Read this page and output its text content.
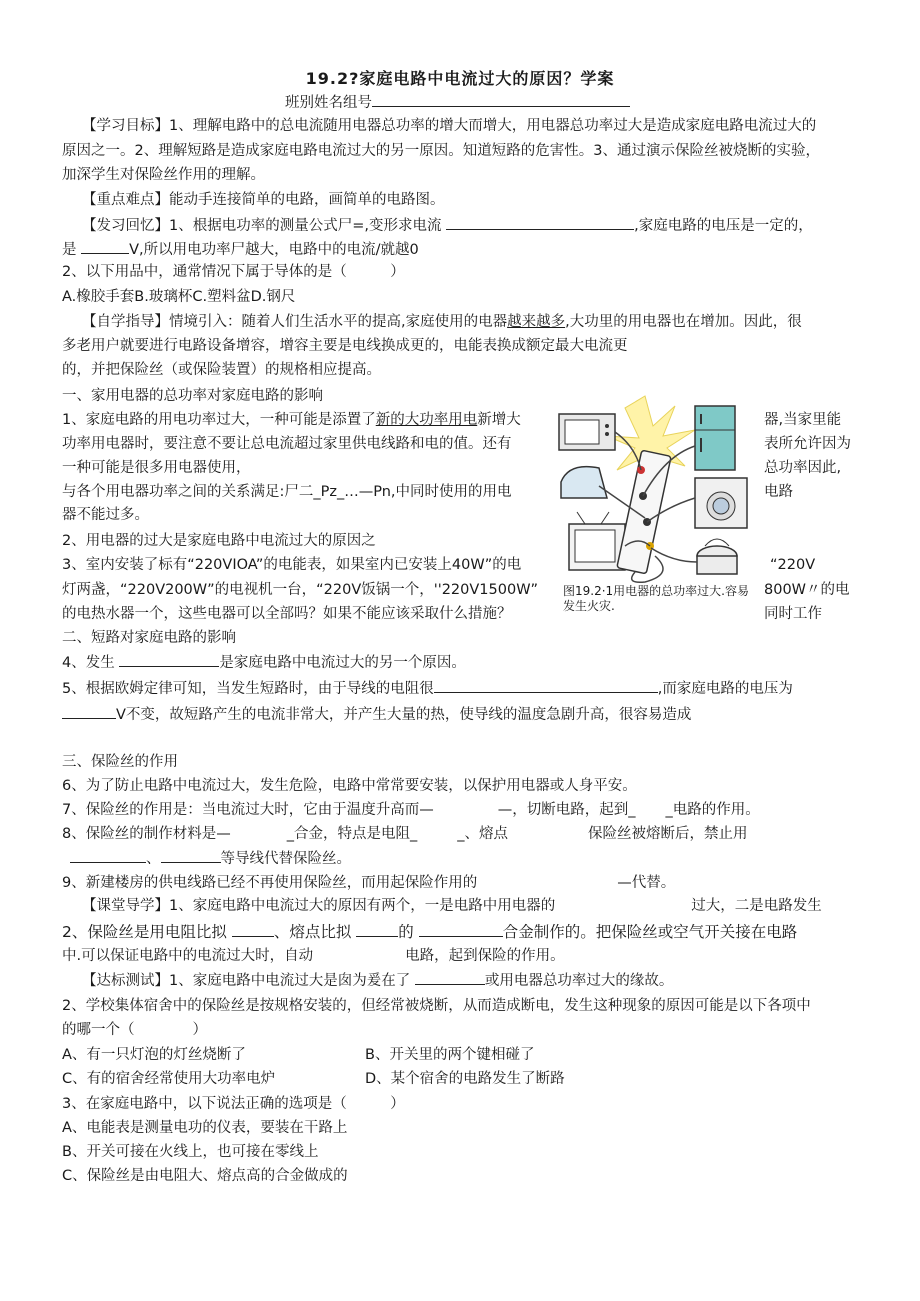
19.2?家庭电路中电流过大的原因？学案
班别姓名组号
【学习目标】1、理解电路中的总电流随用电器总功率的增大而增大，用电器总功率过大是造成家庭电路电流过大的
原因之一。2、理解短路是造成家庭电路电流过大的另一原因。知道短路的危害性。3、通过演示保险丝被烧断的实验，
加深学生对保险丝作用的理解。
【重点难点】能动手连接简单的电路，画简单的电路图。
【发习回忆】1、根据电功率的测量公式尸=,变形求电流	,家庭电路的电压是一定的，
是	V,所以用电功率尸越大，电路中的电流/就越0
2、以下用品中，通常情况下属于导体的是（　　　）
A.橡胶手套B.玻璃杯C.塑料盆D.钢尺
【自学指导】情境引入：随着人们生活水平的提高,家庭使用的电器越来越多,大功里的用电器也在增加。因此，很
多老用户就要进行电路设备增容，增容主要是电线换成更的，电能表换成额定最大电流更
的，并把保险丝（或保险装置）的规格相应提高。
一、家用电器的总功率对家庭电路的影响
1、家庭电路的用电功率过大，一种可能是添置了新的大功率用电新增大
功率用电器时，要注意不要让总电流超过家里供电线路和电的值。还有
一种可能是很多用电器使用，
与各个用电器功率之间的关系满足:尸二_Pz_…—Pn,中同时使用的用电
器不能过多。
2、用电器的过大是家庭电路中电流过大的原因之
3、室内安装了标有“220VIOA”的电能表，如果室内已安装上40W”的电
灯两盏，“220V200W”的电视机一台，“220V饭锅一个，''220V1500W”
的电热水器一个，这些电器可以全部吗？如果不能应该采取什么措施？
器,当家里能
表所允许因为
总功率因此,
电路
“220V
800W〃的电
同时工作
图19.2·1用电器的总功率过大.容易发生火灾.
二、短路对家庭电路的影响
4、发生	是家庭电路中电流过大的另一个原因。
5、根据欧姆定律可知，当发生短路时，由于导线的电阻很	,而家庭电路的电压为
V不变，故短路产生的电流非常大，并产生大量的热，使导线的温度急剧升高，很容易造成
三、保险丝的作用
6、为了防止电路中电流过大，发生危险，电路中常常要安装，以保护用电器或人身平安。
7、保险丝的作用是：当电流过大时，它由于温度升高而—	—，切断电路，起到_ _电路的作用。
8、保险丝的制作材料是—	_合金，特点是电阻_	_、熔点	保险丝被熔断后，禁止用
、	等导线代替保险丝。
9、新建楼房的供电线路已经不再使用保险丝，而用起保险作用的	—代替。
【课堂导学】1、家庭电路中电流过大的原因有两个，一是电路中用电器的	过大，二是电路发生
2、保险丝是用电阻比拟	、熔点比拟	的	合金制作的。把保险丝或空气开关接在电路
中.可以保证电路中的电流过大时，自动	电路，起到保险的作用。
【达标测试】1、家庭电路中电流过大是囱为爰在了	或用电器总功率过大的缘故。
2、学校集体宿舍中的保险丝是按规格安装的，但经常被烧断，从而造成断电，发生这种现象的原因可能是以下各项中
的哪一个（　　　　）
A、有一只灯泡的灯丝烧断了	B、开关里的两个键相碰了
C、有的宿舍经常使用大功率电炉	D、某个宿舍的电路发生了断路
3、在家庭电路中，以下说法正确的选项是（　　　）
A、电能表是测量电功的仪表，要装在干路上
B、开关可接在火线上，也可接在零线上
C、保险丝是由电阻大、熔点高的合金做成的
